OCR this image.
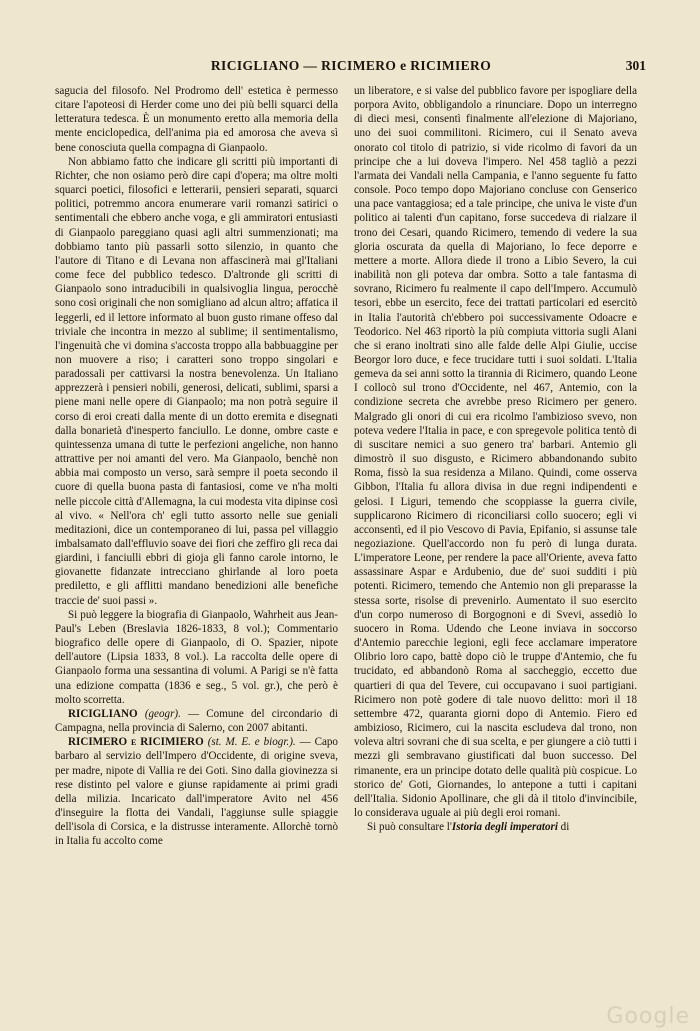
RICIGLIANO — RICIMERO e RICIMIERO	301

sagucia del filosofo. Nel Prodromo dell' estetica è permesso citare l'apoteosi di Herder come uno dei più belli squarci della letteratura tedesca. È un monumento eretto alla memoria della mente enciclopedica, dell'anima pia ed amorosa che aveva sì bene conosciuta quella compagna di Gianpaolo.

Non abbiamo fatto che indicare gli scritti più importanti di Richter, che non osiamo però dire capi d'opera; ma oltre molti squarci poetici, filosofici e letterarii, pensieri separati, squarci politici, potremmo ancora enumerare varii romanzi satirici o sentimentali che ebbero anche voga, e gli ammiratori entusiasti di Gianpaolo pareggiano quasi agli altri summenzionati; ma dobbiamo tanto più passarli sotto silenzio, in quanto che l'autore di Titano e di Levana non affascinerà mai gl'Italiani come fece del pubblico tedesco. D'altronde gli scritti di Gianpaolo sono intraducibili in qualsivoglia lingua, perocchè sono così originali che non somigliano ad alcun altro; affatica il leggerli, ed il lettore informato al buon gusto rimane offeso dal triviale che incontra in mezzo al sublime; il sentimentalismo, l'ingenuità che vi domina s'accosta troppo alla babbuaggine per non muovere a riso; i caratteri sono troppo singolari e paradossali per cattivarsi la nostra benevolenza. Un Italiano apprezzerà i pensieri nobili, generosi, delicati, sublimi, sparsi a piene mani nelle opere di Gianpaolo; ma non potrà seguire il corso di eroi creati dalla mente di un dotto eremita e disegnati dalla bonarietà d'inesperto fanciullo. Le donne, ombre caste e quintessenza umana di tutte le perfezioni angeliche, non hanno attrattive per noi amanti del vero. Ma Gianpaolo, benchè non abbia mai composto un verso, sarà sempre il poeta secondo il cuore di quella buona pasta di fantasiosi, come ve n'ha molti nelle piccole città d'Allemagna, la cui modesta vita dipinse così al vivo. « Nell'ora ch' egli tutto assorto nelle sue geniali meditazioni, dice un contemporaneo di lui, passa pel villaggio imbalsamato dall'effluvio soave dei fiori che zeffiro gli reca dai giardini, i fanciulli ebbri di gioja gli fanno carole intorno, le giovanette fidanzate intrecciano ghirlande al loro poeta prediletto, e gli afflitti mandano benedizioni alle benefiche traccie de' suoi passi ».

Si può leggere la biografia di Gianpaolo, Wahrheit aus Jean-Paul's Leben (Breslavia 1826-1833, 8 vol.); Commentario biografico delle opere di Gianpaolo, di O. Spazier, nipote dell'autore (Lipsia 1833, 8 vol.). La raccolta delle opere di Gianpaolo forma una sessantina di volumi. A Parigi se n'è fatta una edizione compatta (1836 e seg., 5 vol. gr.), che però è molto scorretta.

RICIGLIANO (geogr). — Comune del circondario di Campagna, nella provincia di Salerno, con 2007 abitanti.

RICIMERO e RICIMIERO (st. M. E. e biogr.). — Capo barbaro al servizio dell'Impero d'Occidente, di origine sveva, per madre, nipote di Vallia re dei Goti. Sino dalla giovinezza si rese distinto pel valore e giunse rapidamente ai primi gradi della milizia. Incaricato dall'imperatore Avito nel 456 d'inseguire la flotta dei Vandali, l'aggiunse sulle spiaggie dell'isola di Corsica, e la distrusse interamente. Allorchè tornò in Italia fu accolto come

un liberatore, e si valse del pubblico favore per ispogliare della porpora Avito, obbligandolo a rinunciare. Dopo un interregno di dieci mesi, consentì finalmente all'elezione di Majoriano, uno dei suoi commilitoni. Ricimero, cui il Senato aveva onorato col titolo di patrizio, si vide ricolmo di favori da un principe che a lui doveva l'impero. Nel 458 tagliò a pezzi l'armata dei Vandali nella Campania, e l'anno seguente fu fatto console. Poco tempo dopo Majoriano concluse con Genserico una pace vantaggiosa; ed a tale principe, che univa le viste d'un politico ai talenti d'un capitano, forse succedeva di rialzare il trono dei Cesari, quando Ricimero, temendo di vedere la sua gloria oscurata da quella di Majoriano, lo fece deporre e mettere a morte. Allora diede il trono a Libio Severo, la cui inabilità non gli poteva dar ombra. Sotto a tale fantasma di sovrano, Ricimero fu realmente il capo dell'Impero. Accumulò tesori, ebbe un esercito, fece dei trattati particolari ed esercitò in Italia l'autorità ch'ebbero poi successivamente Odoacre e Teodorico. Nel 463 riportò la più compiuta vittoria sugli Alani che si erano inoltrati sino alle falde delle Alpi Giulie, uccise Beorgor loro duce, e fece trucidare tutti i suoi soldati. L'Italia gemeva da sei anni sotto la tirannia di Ricimero, quando Leone I collocò sul trono d'Occidente, nel 467, Antemio, con la condizione secreta che avrebbe preso Ricimero per genero. Malgrado gli onori di cui era ricolmo l'ambizioso svevo, non poteva vedere l'Italia in pace, e con spregevole politica tentò di di suscitare nemici a suo genero tra' barbari. Antemio gli dimostrò il suo disgusto, e Ricimero abbandonando subito Roma, fissò la sua residenza a Milano. Quindi, come osserva Gibbon, l'Italia fu allora divisa in due regni indipendenti e gelosi. I Liguri, temendo che scoppiasse la guerra civile, supplicarono Ricimero di riconciliarsi collo suocero; egli vi acconsentì, ed il pio Vescovo di Pavia, Epifanio, si assunse tale negoziazione. Quell'accordo non fu però di lunga durata. L'imperatore Leone, per rendere la pace all'Oriente, aveva fatto assassinare Aspar e Ardubenio, due de' suoi sudditi i più potenti. Ricimero, temendo che Antemio non gli preparasse la stessa sorte, risolse di prevenirlo. Aumentato il suo esercito d'un corpo numeroso di Borgognoni e di Svevi, assediò lo suocero in Roma. Udendo che Leone inviava in soccorso d'Antemio parecchie legioni, egli fece acclamare imperatore Olibrio loro capo, battè dopo ciò le truppe d'Antemio, che fu trucidato, ed abbandonò Roma al saccheggio, eccetto due quartieri di qua del Tevere, cui occupavano i suoi partigiani. Ricimero non potè godere di tale nuovo delitto: morì il 18 settembre 472, quaranta giorni dopo di Antemio. Fiero ed ambizioso, Ricimero, cui la nascita escludeva dal trono, non voleva altri sovrani che di sua scelta, e per giungere a ciò tutti i mezzi gli sembravano giustificati dal buon successo. Del rimanente, era un principe dotato delle qualità più cospicue. Lo storico de' Goti, Giornandes, lo antepone a tutti i capitani dell'Italia. Sidonio Apollinare, che gli dà il titolo d'invincibile, lo considerava uguale ai più degli eroi romani.

Si può consultare l'Istoria degli imperatori di

Google
